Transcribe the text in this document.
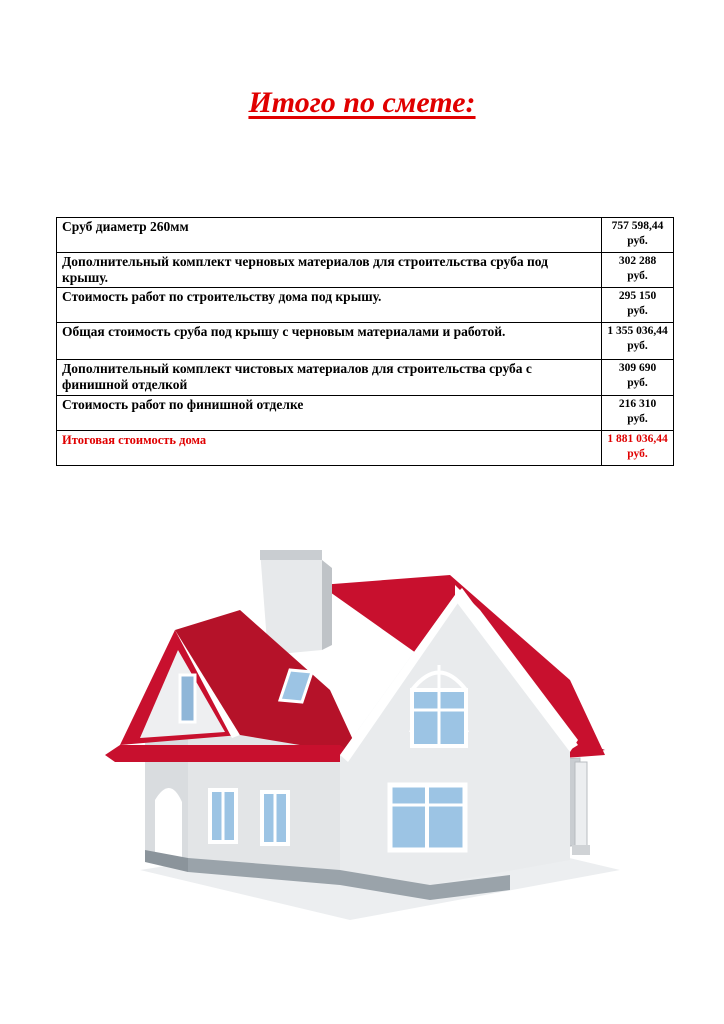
Итого по смете:
Сруб диаметр 260мм	757 598,44
руб.

Дополнительный комплект черновых материалов для строительства сруба под крышу.	302 288
руб.

Стоимость работ по строительству дома под крышу.	295 150
руб.

Общая стоимость сруба под крышу с черновым материалами и работой.	1 355 036,44
руб.

Дополнительный комплект чистовых материалов для строительства сруба с финишной отделкой	309 690
руб.

Стоимость работ по финишной отделке	216 310
руб.

Итоговая стоимость дома	1 881 036,44
руб.
